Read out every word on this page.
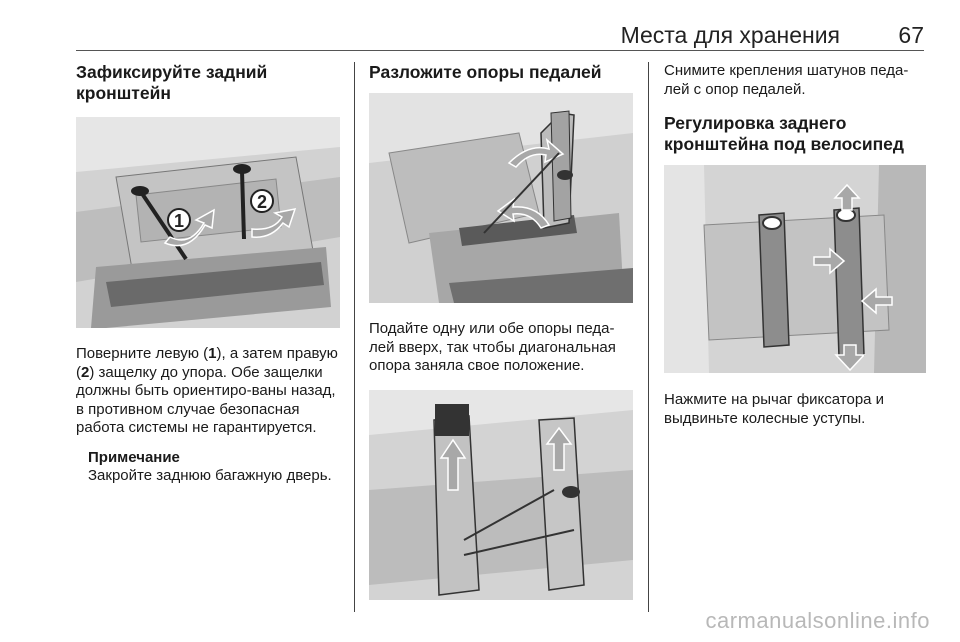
Места для хранения	67
Зафиксируйте задний кронштейн
1
2

Поверните левую (1), а затем правую (2) защелку до упора. Обе защелки должны быть ориентиро-ваны назад, в противном случае безопасная работа системы не гарантируется.

Примечание

Закройте заднюю багажную дверь.

Разложите опоры педалей

Подайте одну или обе опоры педа-лей вверх, так чтобы диагональная опора заняла свое положение.

Снимите крепления шатунов педа-лей с опор педалей.

Регулировка заднего кронштейна под велосипед

Нажмите на рычаг фиксатора и выдвиньте колесные уступы.

carmanualsonline.info
